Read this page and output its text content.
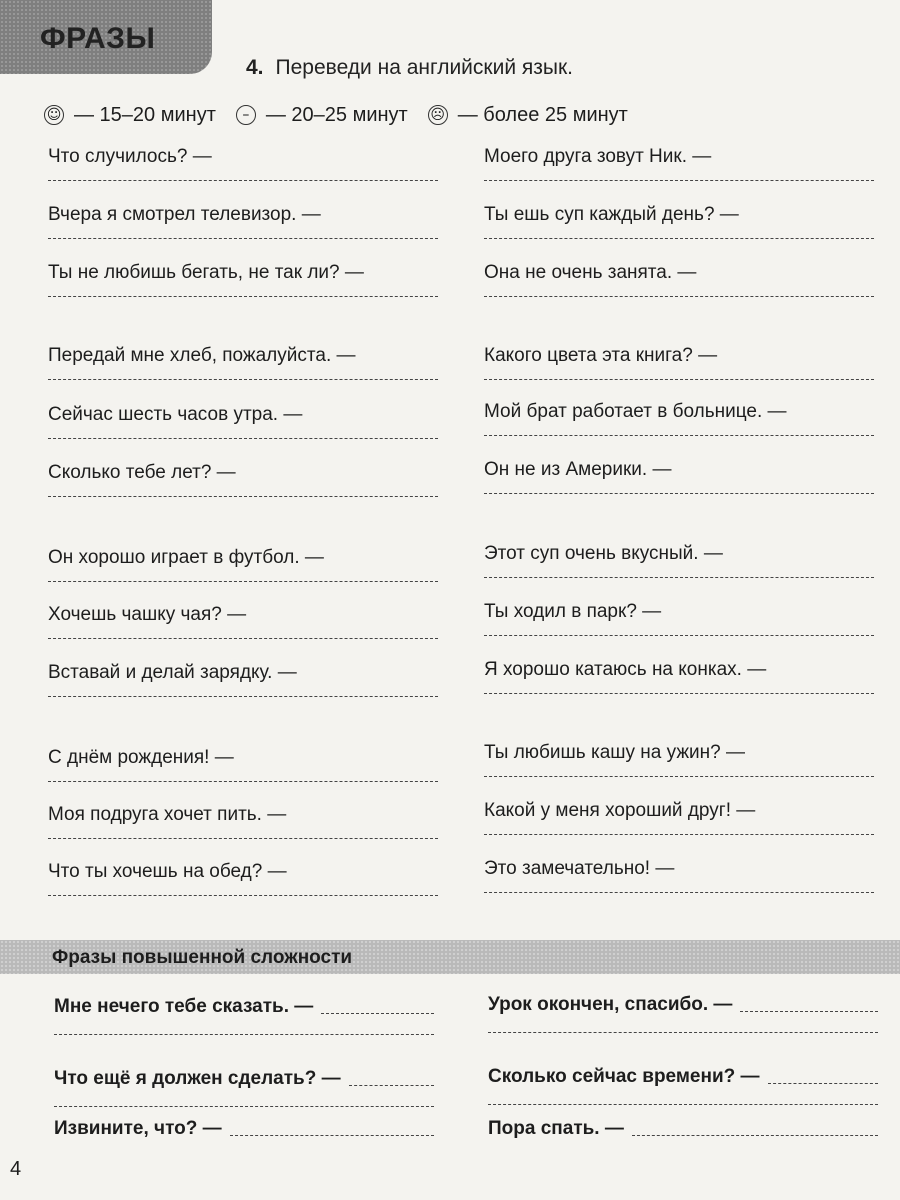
ФРАЗЫ
4. Переведи на английский язык.
☺ — 15–20 минут	– — 20–25 минут ☹ — более 25 минут
Что случилось? —
Вчера я смотрел телевизор. —
Ты не любишь бегать, не так ли? —
Передай мне хлеб, пожалуйста. —
Сейчас шесть часов утра. —
Сколько тебе лет? —
Он хорошо играет в футбол. —
Хочешь чашку чая? —
Вставай и делай зарядку. —
С днём рождения! —
Моя подруга хочет пить. —
Что ты хочешь на обед? —
Моего друга зовут Ник. —
Ты ешь суп каждый день? —
Она не очень занята. —
Какого цвета эта книга? —
Мой брат работает в больнице. —
Он не из Америки. —
Этот суп очень вкусный. —
Ты ходил в парк? —
Я хорошо катаюсь на конках. —
Ты любишь кашу на ужин? —
Какой у меня хороший друг! —
Это замечательно! —
Фразы повышенной сложности
Мне нечего тебе сказать. —
Что ещё я должен сделать? —
Извините, что? —
Урок окончен, спасибо. —
Сколько сейчас времени? —
Пора спать. —
4
